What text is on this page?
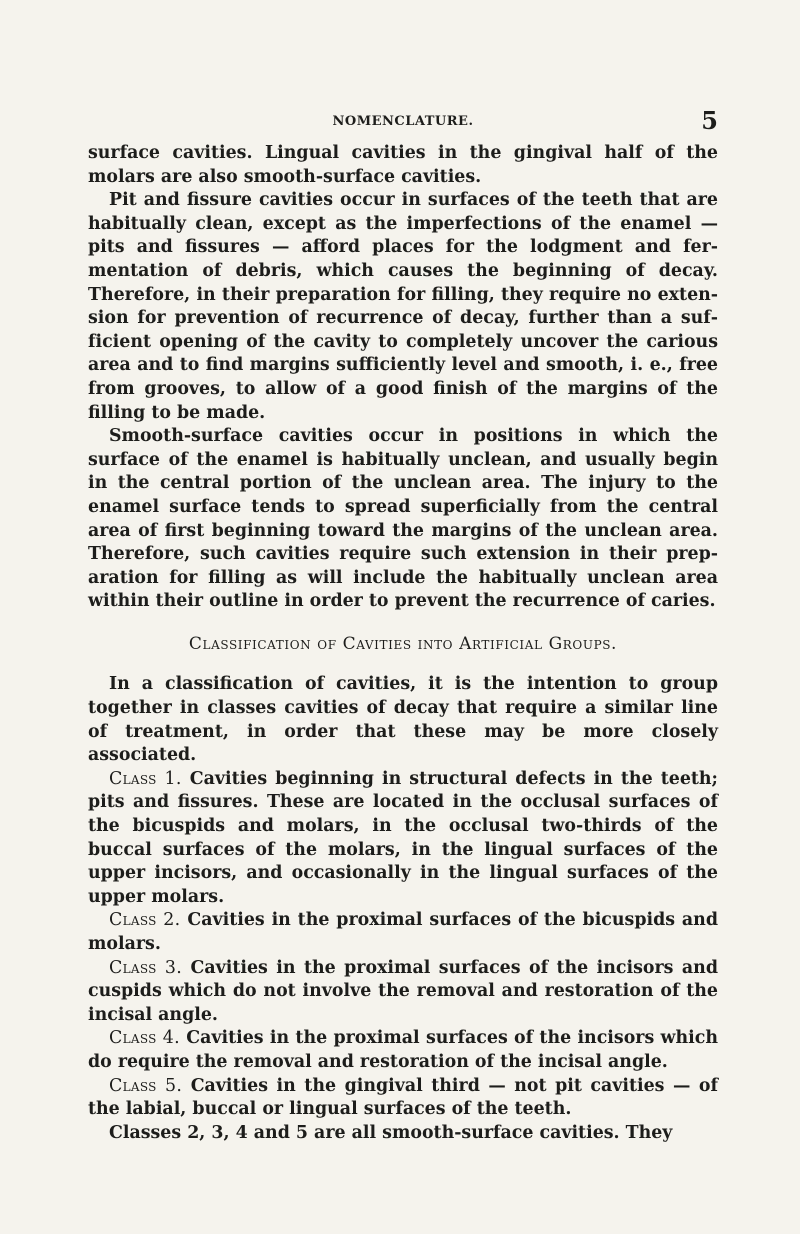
NOMENCLATURE.	5

surface cavities. Lingual cavities in the gingival half of the molars are also smooth-surface cavities.

Pit and fissure cavities occur in surfaces of the teeth that are habitually clean, except as the imperfections of the enamel — pits and fissures — afford places for the lodgment and fermentation of debris, which causes the beginning of decay. Therefore, in their preparation for filling, they require no extension for prevention of recurrence of decay, further than a sufficient opening of the cavity to completely uncover the carious area and to find margins sufficiently level and smooth, i. e., free from grooves, to allow of a good finish of the margins of the filling to be made.

Smooth-surface cavities occur in positions in which the surface of the enamel is habitually unclean, and usually begin in the central portion of the unclean area. The injury to the enamel surface tends to spread superficially from the central area of first beginning toward the margins of the unclean area. Therefore, such cavities require such extension in their preparation for filling as will include the habitually unclean area within their outline in order to prevent the recurrence of caries.

Classification of Cavities into Artificial Groups.

In a classification of cavities, it is the intention to group together in classes cavities of decay that require a similar line of treatment, in order that these may be more closely associated.

Class 1. Cavities beginning in structural defects in the teeth; pits and fissures. These are located in the occlusal surfaces of the bicuspids and molars, in the occlusal two-thirds of the buccal surfaces of the molars, in the lingual surfaces of the upper incisors, and occasionally in the lingual surfaces of the upper molars.

Class 2. Cavities in the proximal surfaces of the bicuspids and molars.

Class 3. Cavities in the proximal surfaces of the incisors and cuspids which do not involve the removal and restoration of the incisal angle.

Class 4. Cavities in the proximal surfaces of the incisors which do require the removal and restoration of the incisal angle.

Class 5. Cavities in the gingival third — not pit cavities — of the labial, buccal or lingual surfaces of the teeth.

Classes 2, 3, 4 and 5 are all smooth-surface cavities. They
